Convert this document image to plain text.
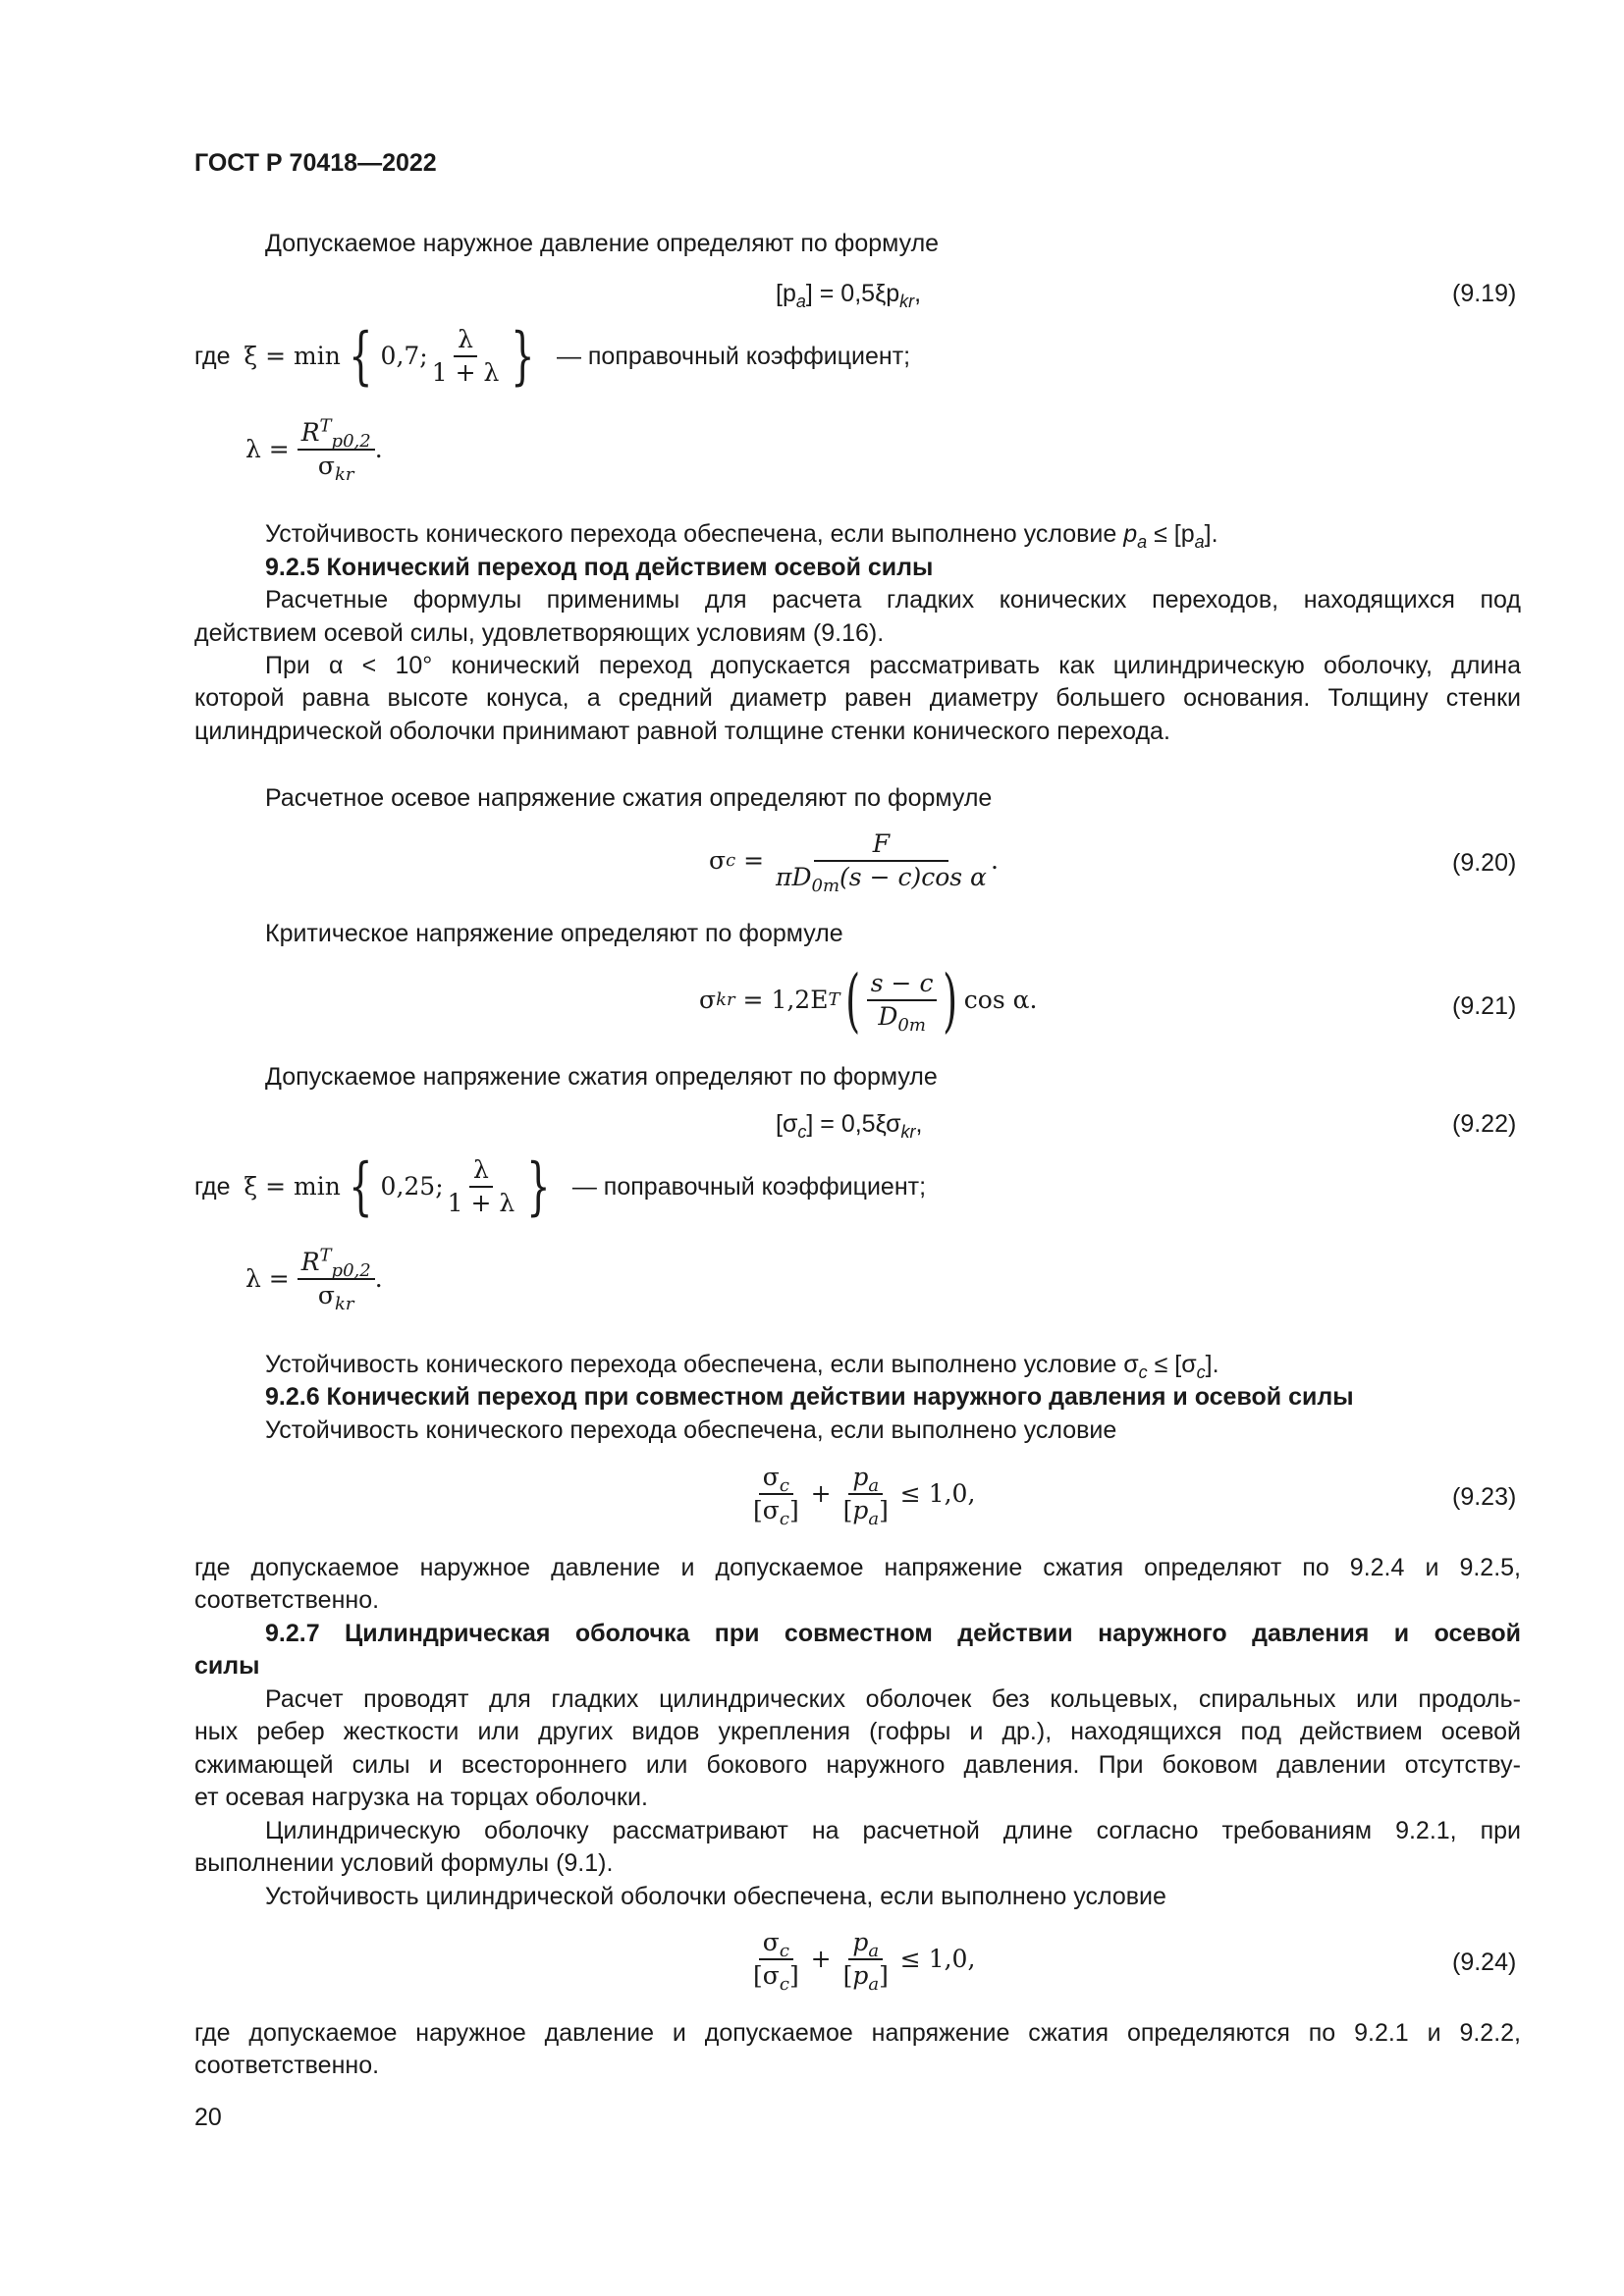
ГОСТ Р 70418—2022
Допускаемое наружное давление определяют по формуле
$[p_a] = 0,5\xi p_{kr}$,	(9.19)
где
ξ = min { 0,7; $\frac{\lambda}{1 + \lambda}$ }
— поправочный коэффициент;
λ =
$\frac{R^T_{p0,2}}{\sigma_{kr}}$ .
Устойчивость конического перехода обеспечена, если выполнено условие $p_a \le [p_a]$.
9.2.5 Конический переход под действием осевой силы
Расчетные формулы применимы для расчета гладких конических переходов, находящихся под
действием осевой силы, удовлетворяющих условиям (9.16).
При α < 10° конический переход допускается рассматривать как цилиндрическую оболочку, длина
которой равна высоте конуса, а средний диаметр равен диаметру большего основания. Толщину стенки
цилиндрической оболочки принимают равной толщине стенки конического перехода.
Расчетное осевое напряжение сжатия определяют по формуле
σ c
=
$\frac{F}{\pi D_{0m}(s - c)\cos \alpha}$ .	(9.20)
Критическое напряжение определяют по формуле
σ kr
= 1,2E T ( $\frac{s - c}{D_{0m}}$ ) cos α.	(9.21)
Допускаемое напряжение сжатия определяют по формуле
$[\sigma_c] = 0,5\xi\sigma_{kr}$,	(9.22)
где
ξ = min { 0,25; $\frac{\lambda}{1 + \lambda}$ }
— поправочный коэффициент;
λ =
$\frac{R^T_{p0,2}}{\sigma_{kr}}$ .
Устойчивость конического перехода обеспечена, если выполнено условие $\sigma_c \le [\sigma_c]$.
9.2.6 Конический переход при совместном действии наружного давления и осевой силы
Устойчивость конического перехода обеспечена, если выполнено условие
$\frac{\sigma_c}{[\sigma_c]}$
+
$\frac{p_a}{[p_a]}$
≤ 1,0,	(9.23)
где допускаемое наружное давление и допускаемое напряжение сжатия определяют по 9.2.4 и 9.2.5,
соответственно.
9.2.7 Цилиндрическая оболочка при совместном действии наружного давления и осевой
силы
Расчет проводят для гладких цилиндрических оболочек без кольцевых, спиральных или продоль-
ных ребер жесткости или других видов укрепления (гофры и др.), находящихся под действием осевой
сжимающей силы и всестороннего или бокового наружного давления. При боковом давлении отсутству-
ет осевая нагрузка на торцах оболочки.
Цилиндрическую оболочку рассматривают на расчетной длине согласно требованиям 9.2.1, при
выполнении условий формулы (9.1).
Устойчивость цилиндрической оболочки обеспечена, если выполнено условие
$\frac{\sigma_c}{[\sigma_c]}$
+
$\frac{p_a}{[p_a]}$
≤ 1,0,	(9.24)
где допускаемое наружное давление и допускаемое напряжение сжатия определяются по 9.2.1 и 9.2.2,
соответственно.
20
